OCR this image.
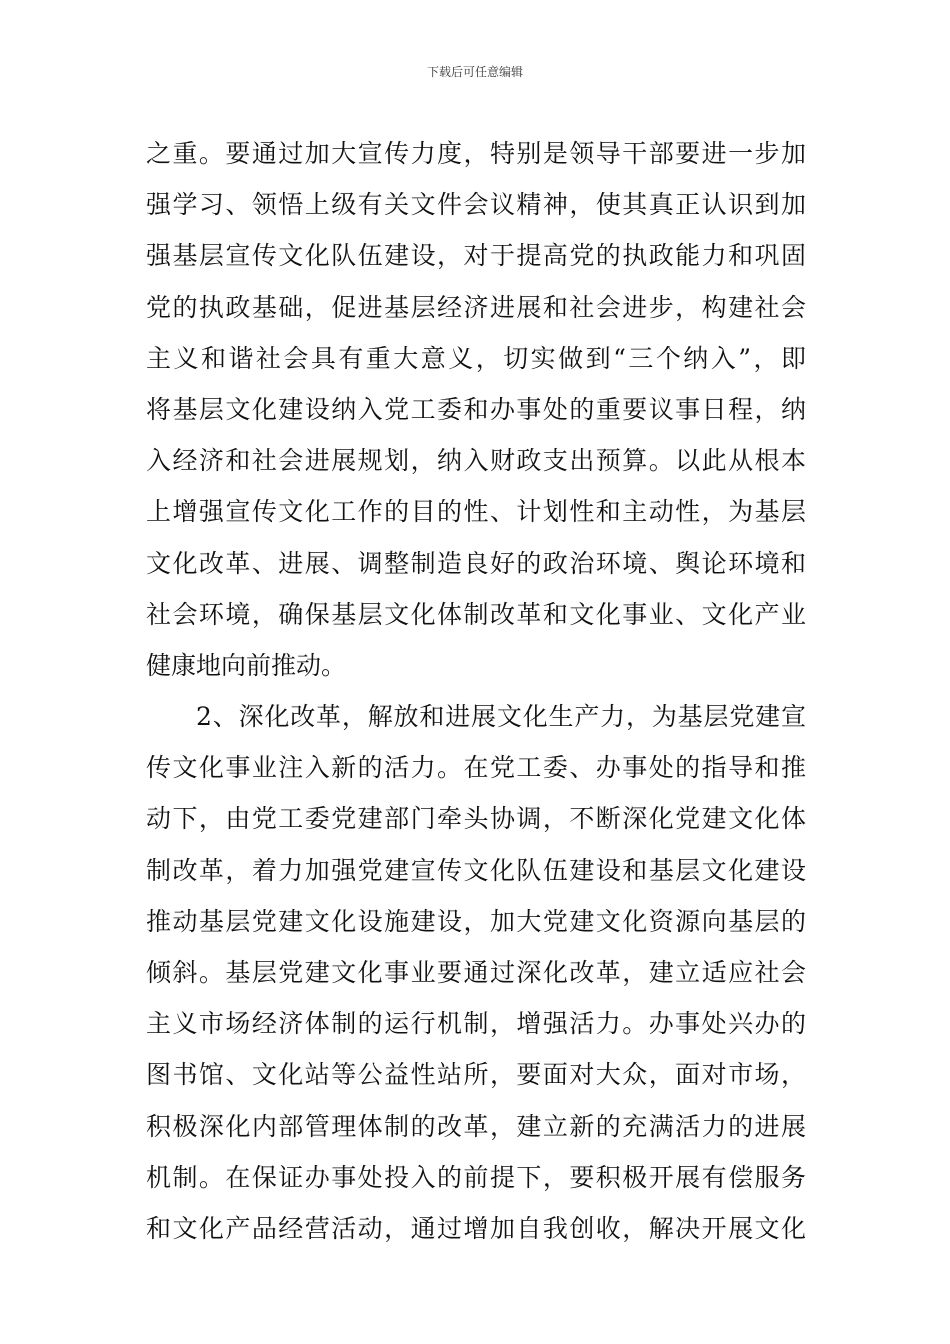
下载后可任意编辑
之重。要通过加大宣传力度，特别是领导干部要进一步加
强学习、领悟上级有关文件会议精神，使其真正认识到加
强基层宣传文化队伍建设，对于提高党的执政能力和巩固
党的执政基础，促进基层经济进展和社会进步，构建社会
主义和谐社会具有重大意义，切实做到“三个纳入”，即
将基层文化建设纳入党工委和办事处的重要议事日程，纳
入经济和社会进展规划，纳入财政支出预算。以此从根本
上增强宣传文化工作的目的性、计划性和主动性，为基层
文化改革、进展、调整制造良好的政治环境、舆论环境和
社会环境，确保基层文化体制改革和文化事业、文化产业
健康地向前推动。
2、深化改革，解放和进展文化生产力，为基层党建宣
传文化事业注入新的活力。在党工委、办事处的指导和推
动下，由党工委党建部门牵头协调，不断深化党建文化体
制改革，着力加强党建宣传文化队伍建设和基层文化建设
推动基层党建文化设施建设，加大党建文化资源向基层的
倾斜。基层党建文化事业要通过深化改革，建立适应社会
主义市场经济体制的运行机制，增强活力。办事处兴办的
图书馆、文化站等公益性站所，要面对大众，面对市场，
积极深化内部管理体制的改革，建立新的充满活力的进展
机制。在保证办事处投入的前提下，要积极开展有偿服务
和文化产品经营活动，通过增加自我创收，解决开展文化
